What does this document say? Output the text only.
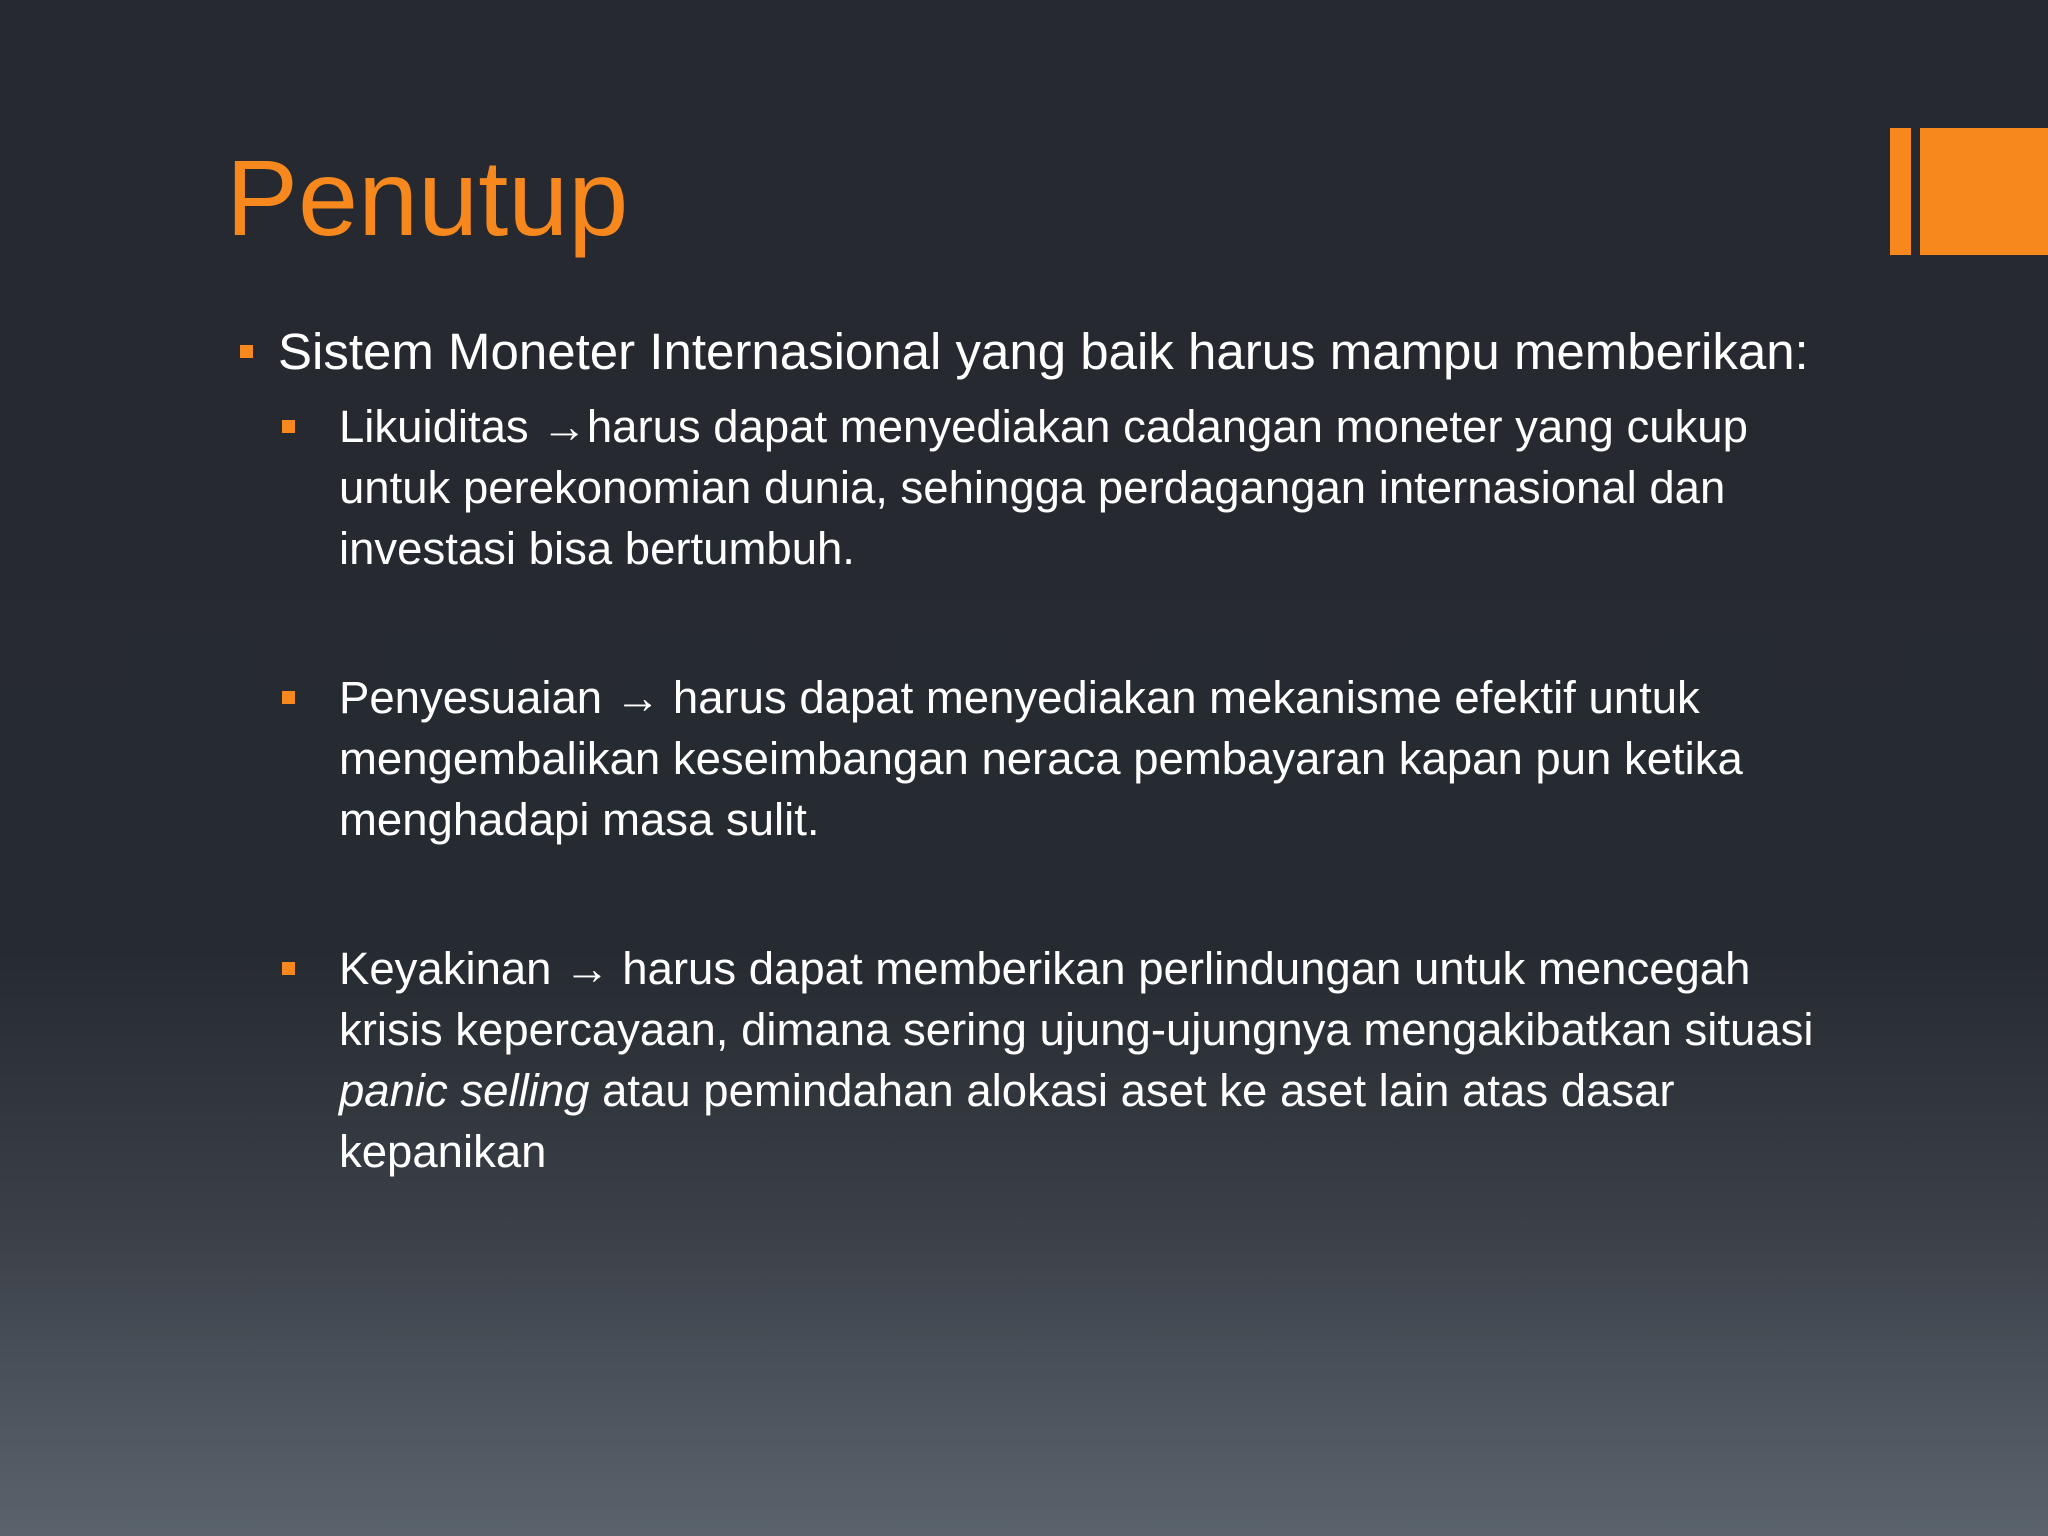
Penutup
Sistem Moneter Internasional yang baik harus mampu memberikan:
Likuiditas →harus dapat menyediakan cadangan moneter yang cukup untuk perekonomian dunia, sehingga perdagangan internasional dan investasi bisa bertumbuh.
Penyesuaian → harus dapat menyediakan mekanisme efektif untuk mengembalikan keseimbangan neraca pembayaran kapan pun ketika menghadapi masa sulit.
Keyakinan → harus dapat memberikan perlindungan untuk mencegah krisis kepercayaan, dimana sering ujung-ujungnya mengakibatkan situasi panic selling atau pemindahan alokasi aset ke aset lain atas dasar kepanikan
